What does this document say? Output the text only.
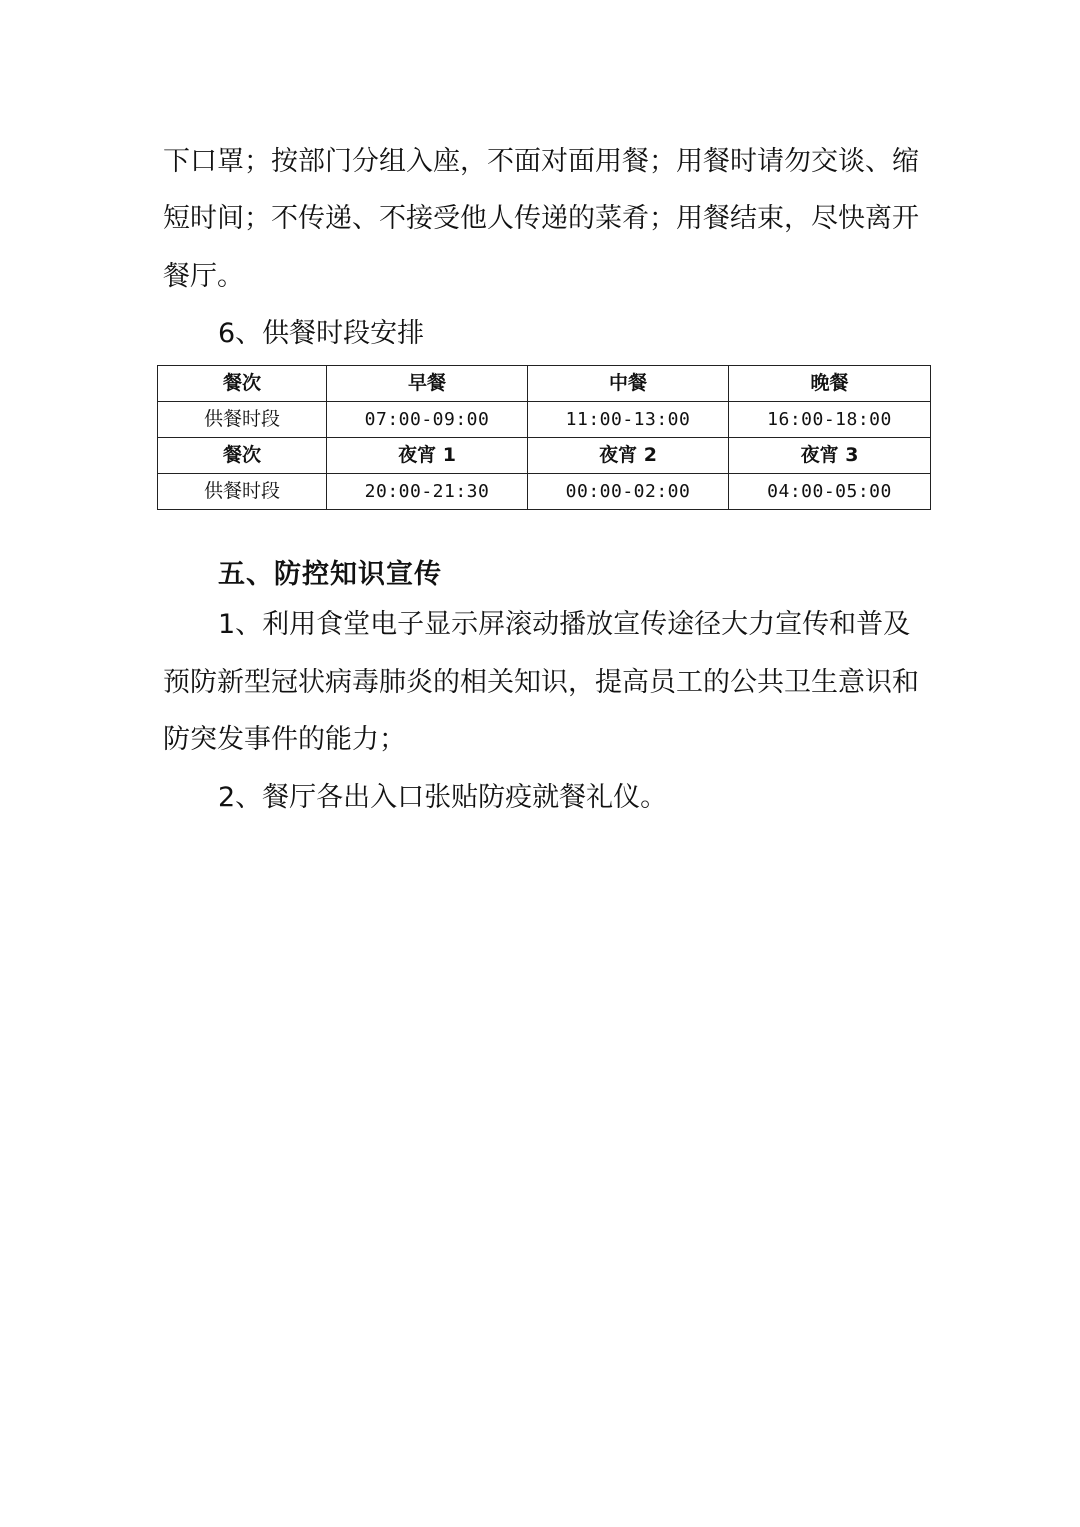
下口罩；按部门分组入座，不面对面用餐；用餐时请勿交谈、缩
短时间；不传递、不接受他人传递的菜肴；用餐结束，尽快离开
餐厅。
6、供餐时段安排
餐次	早餐	中餐	晚餐
供餐时段	07:00-09:00	11:00-13:00	16:00-18:00
餐次	夜宵 1	夜宵 2	夜宵 3
供餐时段	20:00-21:30	00:00-02:00	04:00-05:00
五、防控知识宣传
1、利用食堂电子显示屏滚动播放宣传途径大力宣传和普及
预防新型冠状病毒肺炎的相关知识，提高员工的公共卫生意识和
防突发事件的能力；
2、餐厅各出入口张贴防疫就餐礼仪。
